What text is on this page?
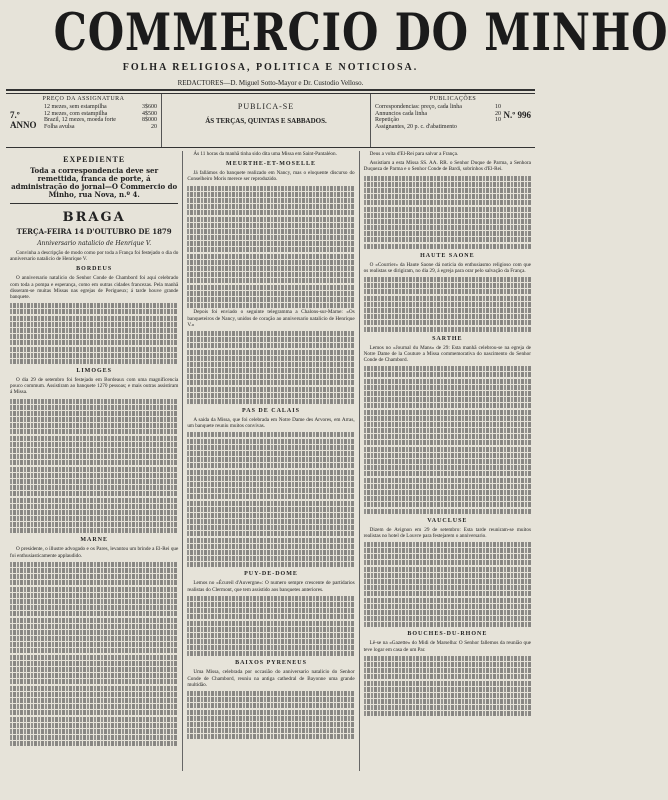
COMMERCIO DO MINHO
FOLHA RELIGIOSA, POLITICA E NOTICIOSA.
REDACTORES—D. Miguel Sotto-Mayor e Dr. Custodio Velloso.
PREÇO DA ASSIGNATURA
7.º ANNO
12 mezes, sem estampilha	3$600
12 mezes, com estampilha	4$500
Brazil, 12 mezes, moeda forte	8$000
Folha avulsa	20
PUBLICA-SE
ÁS TERÇAS, QUINTAS E SABBADOS.
PUBLICAÇÕES
Correspondencias: preço, cada linha	10
Annuncios cada linha	20
Repetição	10
Assignantes, 20 p. c. d'abatimento
N.º 996
EXPEDIENTE
Toda a correspondencia deve ser remettida, franca de porte, á administração do jornal—O Commercio do Minho, rua Nova, n.º 4.
BRAGA
TERÇA-FEIRA 14 D'OUTUBRO DE 1879
Anniversario natalicio de Henrique V.

Convinha a descripção de modo como por toda a França foi festejado o dia do anniversario natalicio de Henrique V.

BORDEUS

O anniversario natalicio do Senhor Conde de Chambord foi aqui celebrado com toda a pompa e esperança, como em outras cidades francezas. Pela manhã disseram-se muitas Missas nas egrejas de Perigueux; á tarde houve grande banquete.

LIMOGES

O dia 29 de setembro foi festejado em Bordeaux com uma magnificencia pouco commum. Assistiram ao banquete 1270 pessoas; e mais outras assistiram á Missa.

MARNE

O presidente, o illustre advogado e os Pares, levantou um brinde a El-Rei que foi enthusiasticamente applaudido.

Ás 11 horas da manhã tinha sido dita uma Missa em Saint-Pantaléon.

MEURTHE-ET-MOSELLE

Já fallámos do banquete realizado em Nancy, mas o eloquente discurso do Conselheiro Moris merece ser reproduzido.

Depois foi enviado o seguinte telegramma a Chalons-sur-Marne: «Os banqueteiros de Nancy, unidos de coração ao anniversario natalicio de Henrique V.»

PAS DE CALAIS

A saida da Missa, que foi celebrada em Notre Dame des Arvores, em Arras, um banquete reuniu muitos convivas.

PUY-DE-DOME

Lemos no «Écureil d'Auvergne»: O numero sempre crescente de partidarios realistas do Clermont, que tem assistido aos banquetes anteriores.

BAIXOS PYRENEUS

Uma Missa, celebrada por occasião do anniversario natalicio do Senhor Conde de Chambord, reuniu na antiga cathedral de Bayonne uma grande multidão.

Deus a volta d'El-Rei para salvar a França.

Assistiam a esta Missa SS. AA. RR. o Senhor Duque de Parma, a Senhora Duqueza de Parma e o Senhor Conde de Bardi, sobrinhos d'El-Rei.

HAUTE SAONE

O «Courrier» da Haute Saone dá noticia do enthusiasmo religioso com que os realistas se dirigiram, no dia 29, á egreja para orar pelo salvação da França.

SARTHE

Lemos no «Journal du Mans» de 29: Esta manhã celebrou-se na egreja de Notre Dame de la Couture a Missa commemorativa do nascimento do Senhor Conde de Chambord.

VAUCLUSE

Dizem de Avignon em 29 de setembro: Esta tarde reuniram-se muitos realistas no hotel de Louvre para festejarem o anniversario.

BOUCHES-DU-RHONE

Lê-se na «Gazette» do Midi de Marselha: O Senhor fallemos da reunião que teve logar em casa de um Par.
